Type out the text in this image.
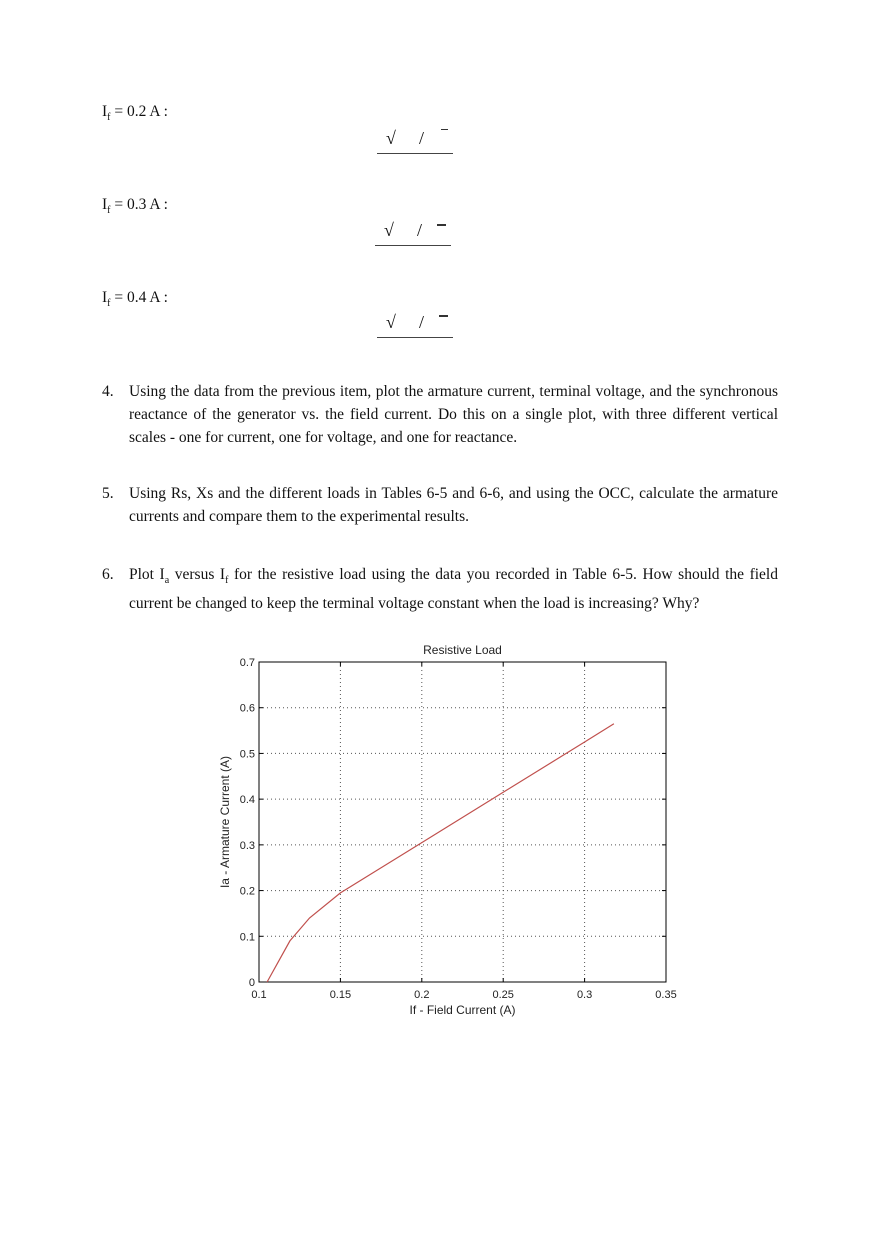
$I_f = 0.2$ A :
√ /
$I_f = 0.3$ A :
√ /
$I_f = 0.4$ A :
√ /
4. Using the data from the previous item, plot the armature current, terminal voltage, and the synchronous reactance of the generator vs. the field current. Do this on a single plot, with three different vertical scales - one for current, one for voltage, and one for reactance.
5. Using Rs, Xs and the different loads in Tables 6-5 and 6-6, and using the OCC, calculate the armature currents and compare them to the experimental results.
6. Plot $I_a$ versus $I_f$ for the resistive load using the data you recorded in Table 6-5. How should the field current be changed to keep the terminal voltage constant when the load is increasing? Why?
0.1	0.15	0.2	0.25	0.3	0.35
0
0.1
0.2
0.3
0.4
0.5
0.6
0.7
Resistive Load
If - Field Current (A)
Ia - Armature Current (A)
